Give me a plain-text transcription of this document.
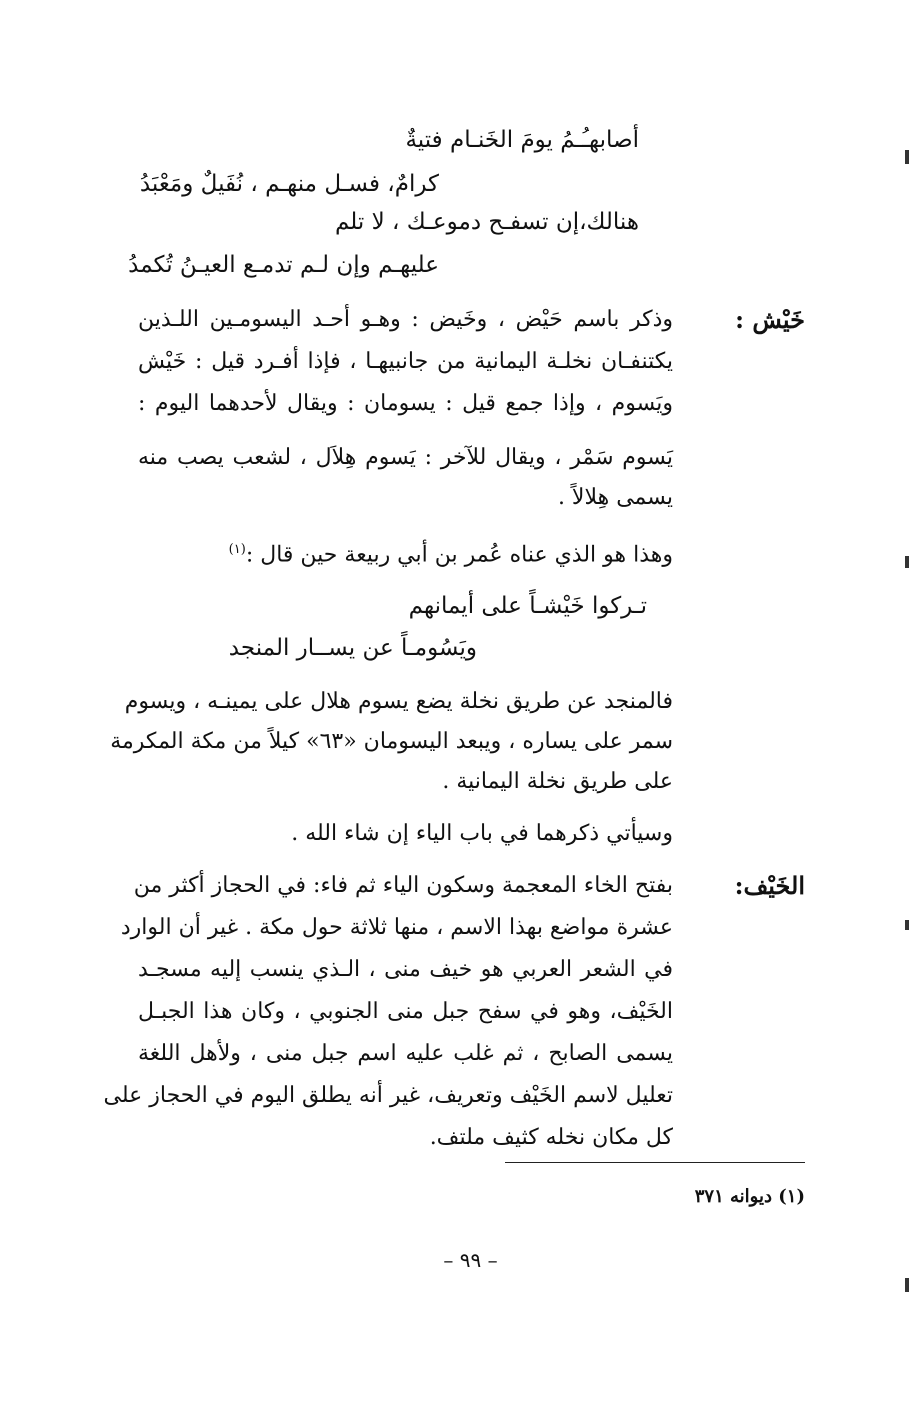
أصابهـُـمُ يومَ الخَنـام فتيةٌ
كرامٌ، فسـل منهـم ، نُفَيلٌ ومَعْبَدُ
هنالك،إن تسفـح دموعـك ، لا تلم
عليهـم وإن لـم تدمـع العيـنُ تُكمدُ
خَيْش :
وذكر باسم حَيْض ، وخَيض : وهـو أحـد اليسومـين اللـذين
يكتنفـان نخلـة اليمانية من جانبيهـا ، فإذا أفـرد قيل : خَيْش
ويَسوم ، وإذا جمع قيل : يسومان : ويقال لأحدهما اليوم :
يَسوم سَمْر ، ويقال للآخر : يَسوم هِلاَل ، لشعب يصب منه
يسمى هِلالاً .
وهذا هو الذي عناه عُمر بن أبي ربيعة حين قال :$^{(١)}$
تـركوا خَيْشـاً على أيمانهم
ويَسُومـاً عن يســار المنجد
فالمنجد عن طريق نخلة يضع يسوم هلال على يمينـه ، ويسوم
سمر على يساره ، ويبعد اليسومان «٦٣» كيلاً من مكة المكرمة
على طريق نخلة اليمانية .
وسيأتي ذكرهما في باب الياء إن شاء الله .
الخَيْف:
بفتح الخاء المعجمة وسكون الياء ثم فاء: في الحجاز أكثر من
عشرة مواضع بهذا الاسم ، منها ثلاثة حول مكة . غير أن الوارد
في الشعر العربي هو خيف منى ، الـذي ينسب إليه مسجـد
الخَيْف، وهو في سفح جبل منى الجنوبي ، وكان هذا الجبـل
يسمى الصابح ، ثم غلب عليه اسم جبل منى ، ولأهل اللغة
تعليل لاسم الخَيْف وتعريف، غير أنه يطلق اليوم في الحجاز على
كل مكان نخله كثيف ملتف.
(١) ديوانه ٣٧١
– ٩٩ –
